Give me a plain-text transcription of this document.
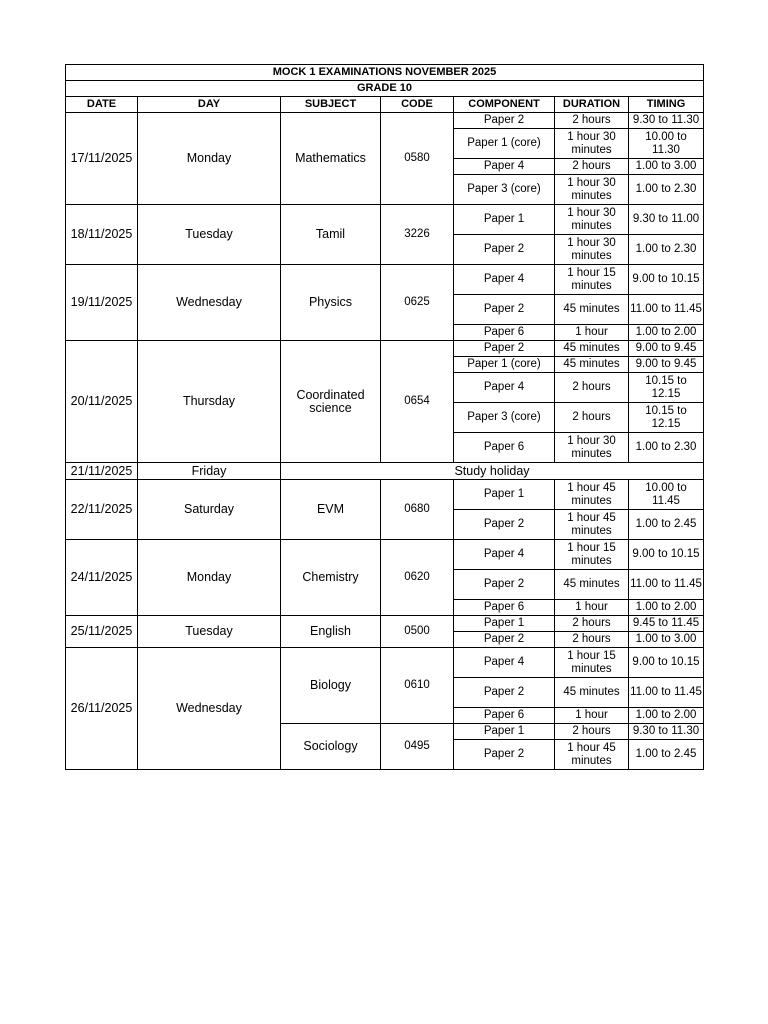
MOCK 1 EXAMINATIONS NOVEMBER 2025						
GRADE 10						
DATE	DAY	SUBJECT	CODE	COMPONENT	DURATION	TIMING
17/11/2025	Monday	Mathematics	0580	Paper 2	2 hours	9.30 to 11.30
				Paper 1 (core)	1 hour 30 minutes	10.00 to 11.30
				Paper 4	2 hours	1.00 to 3.00
				Paper 3 (core)	1 hour 30 minutes	1.00 to 2.30
18/11/2025	Tuesday	Tamil	3226	Paper 1	1 hour 30 minutes	9.30 to 11.00
				Paper 2	1 hour 30 minutes	1.00 to 2.30
19/11/2025	Wednesday	Physics	0625	Paper 4	1 hour 15 minutes	9.00 to 10.15
				Paper 2	45 minutes	11.00 to 11.45
				Paper 6	1 hour	1.00 to 2.00
20/11/2025	Thursday	Coordinated science	0654	Paper 2	45 minutes	9.00 to 9.45
				Paper 1 (core)	45 minutes	9.00 to 9.45
				Paper 4	2 hours	10.15 to 12.15
				Paper 3 (core)	2 hours	10.15 to 12.15
				Paper 6	1 hour 30 minutes	1.00 to 2.30
21/11/2025	Friday	Study holiday				
22/11/2025	Saturday	EVM	0680	Paper 1	1 hour 45 minutes	10.00 to 11.45
				Paper 2	1 hour 45 minutes	1.00 to 2.45
24/11/2025	Monday	Chemistry	0620	Paper 4	1 hour 15 minutes	9.00 to 10.15
				Paper 2	45 minutes	11.00 to 11.45
				Paper 6	1 hour	1.00 to 2.00
25/11/2025	Tuesday	English	0500	Paper 1	2 hours	9.45 to 11.45
				Paper 2	2 hours	1.00 to 3.00
26/11/2025	Wednesday	Biology	0610	Paper 4	1 hour 15 minutes	9.00 to 10.15
				Paper 2	45 minutes	11.00 to 11.45
				Paper 6	1 hour	1.00 to 2.00
		Sociology	0495	Paper 1	2 hours	9.30 to 11.30
				Paper 2	1 hour 45 minutes	1.00 to 2.45
